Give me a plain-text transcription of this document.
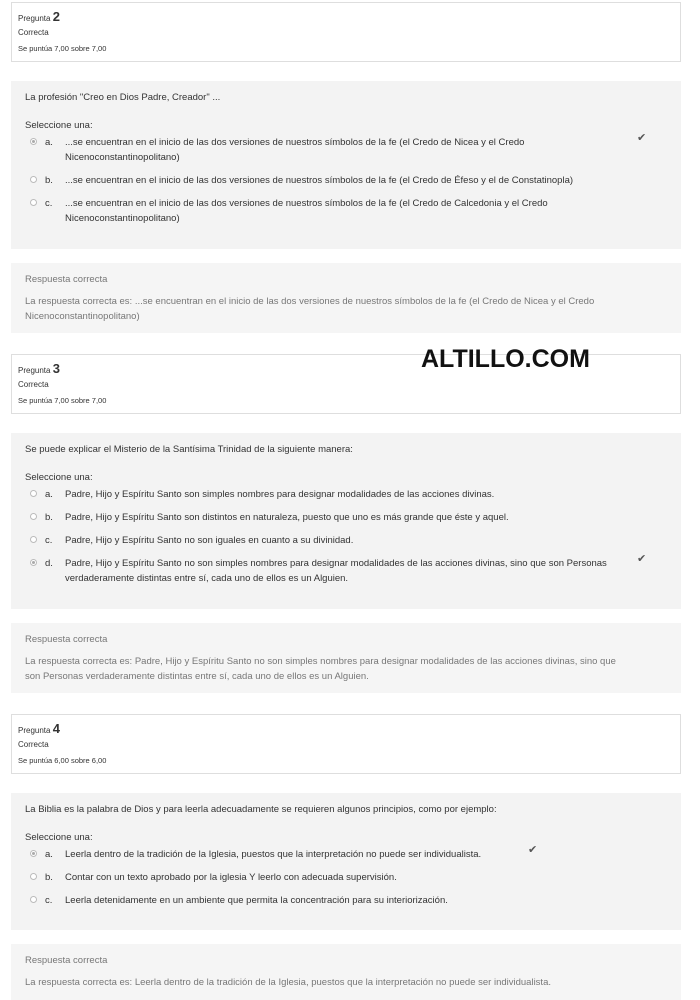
Pregunta 2
Correcta
Se puntúa 7,00 sobre 7,00
La profesión "Creo en Dios Padre, Creador" ...
Seleccione una:
a.	...se encuentran en el inicio de las dos versiones de nuestros símbolos de la fe (el Credo de Nicea y el Credo
Nicenoconstantinopolitano)
✔
b.	...se encuentran en el inicio de las dos versiones de nuestros símbolos de la fe (el Credo de Éfeso y el de Constatinopla)
c.	...se encuentran en el inicio de las dos versiones de nuestros símbolos de la fe (el Credo de Calcedonia y el Credo
Nicenoconstantinopolitano)
Respuesta correcta
La respuesta correcta es: ...se encuentran en el inicio de las dos versiones de nuestros símbolos de la fe (el Credo de Nicea y el Credo
Nicenoconstantinopolitano)
Pregunta 3
Correcta
Se puntúa 7,00 sobre 7,00
ALTILLO.COM
Se puede explicar el Misterio de la Santísima Trinidad de la siguiente manera:
Seleccione una:
a.	Padre, Hijo y Espíritu Santo son simples nombres para designar modalidades de las acciones divinas.
b.	Padre, Hijo y Espíritu Santo son distintos en naturaleza, puesto que uno es más grande que éste y aquel.
c.	Padre, Hijo y Espíritu Santo no son iguales en cuanto a su divinidad.
d.	Padre, Hijo y Espíritu Santo no son simples nombres para designar modalidades de las acciones divinas, sino que son Personas
verdaderamente distintas entre sí, cada uno de ellos es un Alguien.
✔
Respuesta correcta
La respuesta correcta es: Padre, Hijo y Espíritu Santo no son simples nombres para designar modalidades de las acciones divinas, sino que
son Personas verdaderamente distintas entre sí, cada uno de ellos es un Alguien.
Pregunta 4
Correcta
Se puntúa 6,00 sobre 6,00
La Biblia es la palabra de Dios y para leerla adecuadamente se requieren algunos principios, como por ejemplo:
Seleccione una:
a.	Leerla dentro de la tradición de la Iglesia, puestos que la interpretación no puede ser individualista.	✔
b.	Contar con un texto aprobado por la iglesia Y leerlo con adecuada supervisión.
c.	Leerla detenidamente en un ambiente que permita la concentración para su interiorización.
Respuesta correcta
La respuesta correcta es: Leerla dentro de la tradición de la Iglesia, puestos que la interpretación no puede ser individualista.
